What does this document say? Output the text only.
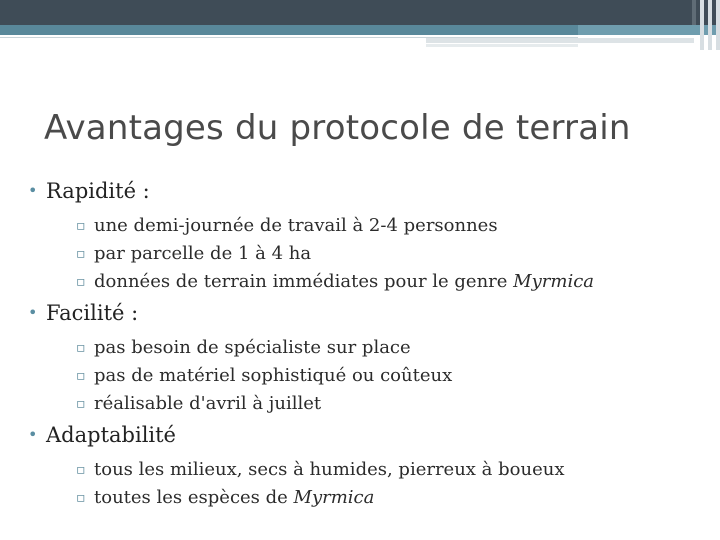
Avantages du protocole de terrain
• Rapidité :
▫ une demi-journée de travail à 2-4 personnes
▫ par parcelle de 1 à 4 ha
▫ données de terrain immédiates pour le genre Myrmica
• Facilité :
▫ pas besoin de spécialiste sur place
▫ pas de matériel sophistiqué ou coûteux
▫ réalisable d'avril à juillet
• Adaptabilité
▫ tous les milieux, secs à humides, pierreux à boueux
▫ toutes les espèces de Myrmica
